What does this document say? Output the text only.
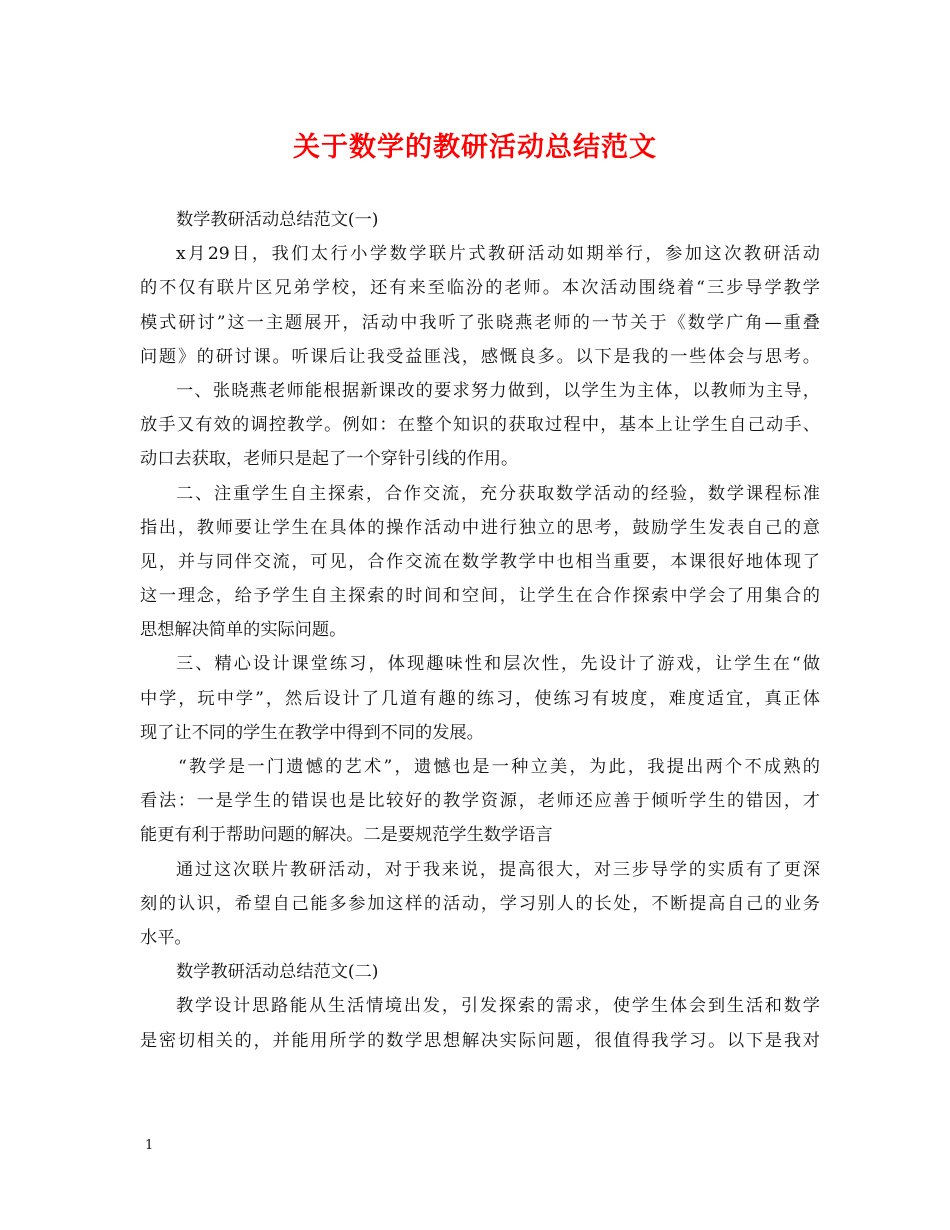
关于数学的教研活动总结范文
数学教研活动总结范文(一)
x月29日，我们太行小学数学联片式教研活动如期举行，参加这次教研活动
的不仅有联片区兄弟学校，还有来至临汾的老师。本次活动围绕着“三步导学教学
模式研讨”这一主题展开，活动中我听了张晓燕老师的一节关于《数学广角—重叠
问题》的研讨课。听课后让我受益匪浅，感慨良多。以下是我的一些体会与思考。
一、张晓燕老师能根据新课改的要求努力做到，以学生为主体，以教师为主导，
放手又有效的调控教学。例如：在整个知识的获取过程中，基本上让学生自己动手、
动口去获取，老师只是起了一个穿针引线的作用。
二、注重学生自主探索，合作交流，充分获取数学活动的经验，数学课程标准
指出，教师要让学生在具体的操作活动中进行独立的思考，鼓励学生发表自己的意
见，并与同伴交流，可见，合作交流在数学教学中也相当重要，本课很好地体现了
这一理念，给予学生自主探索的时间和空间，让学生在合作探索中学会了用集合的
思想解决简单的实际问题。
三、精心设计课堂练习，体现趣味性和层次性，先设计了游戏，让学生在“做
中学，玩中学”，然后设计了几道有趣的练习，使练习有坡度，难度适宜，真正体
现了让不同的学生在教学中得到不同的发展。
“教学是一门遗憾的艺术”，遗憾也是一种立美，为此，我提出两个不成熟的
看法：一是学生的错误也是比较好的教学资源，老师还应善于倾听学生的错因，才
能更有利于帮助问题的解决。二是要规范学生数学语言
通过这次联片教研活动，对于我来说，提高很大，对三步导学的实质有了更深
刻的认识，希望自己能多参加这样的活动，学习别人的长处，不断提高自己的业务
水平。
数学教研活动总结范文(二)
教学设计思路能从生活情境出发，引发探索的需求，使学生体会到生活和数学
是密切相关的，并能用所学的数学思想解决实际问题，很值得我学习。以下是我对
1
